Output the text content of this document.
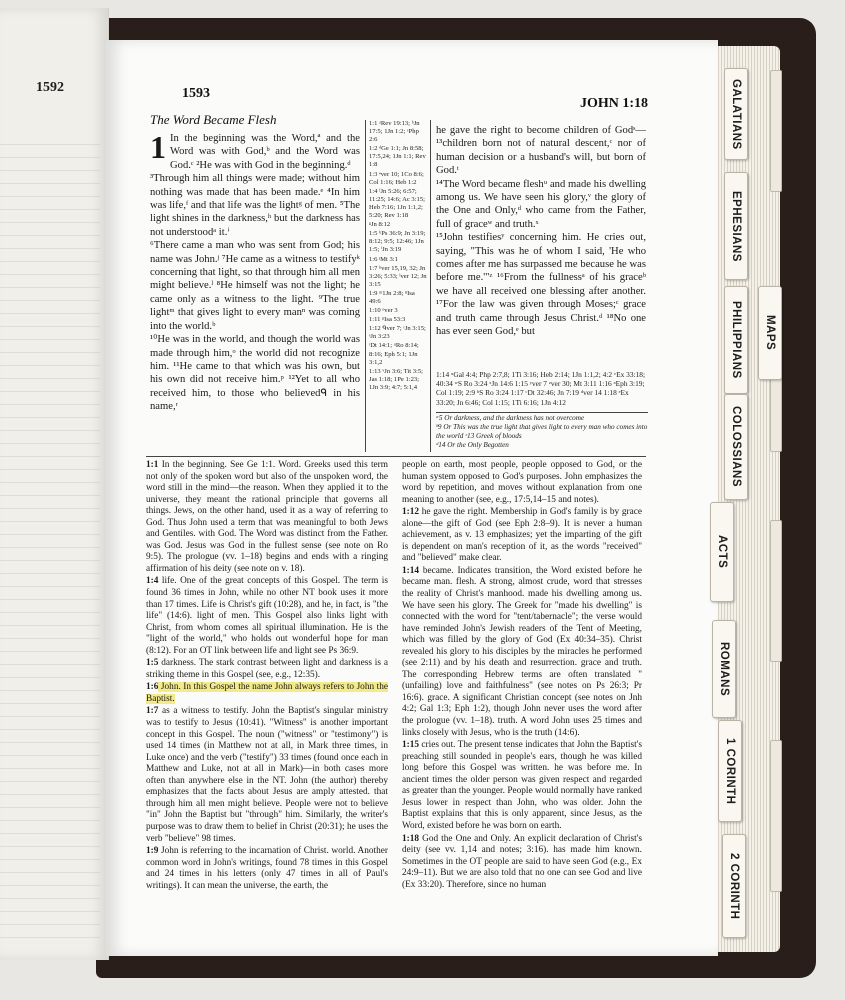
1592	1593
JOHN 1:18
The Word Became Flesh
1 In the beginning was the Word,ª and the Word was with God,ᵇ and the Word was God.ᶜ ²He was with God in the beginning.ᵈ

³Through him all things were made; without him nothing was made that has been made.ᵉ ⁴In him was life,ᶠ and that life was the lightᵍ of men. ⁵The light shines in the darkness,ʰ but the darkness has not understoodᵃ it.ⁱ

⁶There came a man who was sent from God; his name was John.ʲ ⁷He came as a witness to testifyᵏ concerning that light, so that through him all men might believe.ˡ ⁸He himself was not the light; he came only as a witness to the light. ⁹The true lightᵐ that gives light to every manⁿ was coming into the world.ᵇ

¹⁰He was in the world, and though the world was made through him,ᵒ the world did not recognize him. ¹¹He came to that which was his own, but his own did not receive him.ᵖ ¹²Yet to all who received him, to those who believedᑫ in his name,ʳ

1:1 ᵃRev 19:13; ᵇJn 17:5; 1Jn 1:2; ᶜPhp 2:6
1:2 ᵈGe 1:1; Jn 8:58; 17:5,24; 1Jn 1:1; Rev 1:8
1:3 ᵉver 10; 1Co 8:6; Col 1:16; Heb 1:2
1:4 ᶠJn 5:26; 6:57; 11:25; 14:6; Ac 3:15; Heb 7:16; 1Jn 1:1,2; 5:20; Rev 1:18
ᵍJn 8:12
1:5 ʰPs 36:9; Jn 3:19; 8:12; 9:5; 12:46; 1Jn 1:5; ⁱJn 3:19
1:6 ʲMt 3:1
1:7 ᵏver 15,19, 32; Jn 3:26; 5:33; ˡver 12; Jn 3:15
1:9 ᵐ1Jn 2:8; ⁿIsa 49:6
1:10 ᵒver 3
1:11 ᵖIsa 53:3
1:12 ᑫver 7; ʳJn 3:15; ˢJn 3:23
ᵗDt 14:1; ᵘRo 8:14; 8:16; Eph 5:1; 1Jn 3:1,2
1:13 ᵛJn 3:6; Tit 3:5; Jas 1:18; 1Pe 1:23; 1Jn 3:9; 4:7; 5:1,4

he gave the right to become children of Godˢ— ¹³children born not of natural descent,ᶜ nor of human decision or a husband's will, but born of God.ᵗ

¹⁴The Word became fleshᵘ and made his dwelling among us. We have seen his glory,ᵛ the glory of the One and Only,ᵈ who came from the Father, full of graceʷ and truth.ˣ

¹⁵John testifiesʸ concerning him. He cries out, saying, "This was he of whom I said, 'He who comes after me has surpassed me because he was before me.'"ᶻ ¹⁶From the fullnessᵃ of his graceᵇ we have all received one blessing after another. ¹⁷For the law was given through Moses;ᶜ grace and truth came through Jesus Christ.ᵈ ¹⁸No one has ever seen God,ᵉ but

1:14 ᵘGal 4:4; Php 2:7,8; 1Ti 3:16; Heb 2:14; 1Jn 1:1,2; 4:2 ᵛEx 33:18; 40:34 ʷS Ro 3:24 ˣJn 14:6 1:15 ʸver 7 ᶻver 30; Mt 3:11 1:16 ᵃEph 3:19; Col 1:19; 2:9 ᵇS Ro 3:24 1:17 ᶜDt 32:46; Jn 7:19 ᵈver 14 1:18 ᵉEx 33:20; Jn 6:46; Col 1:15; 1Ti 6:16; 1Jn 4:12
ᵃ5 Or darkness, and the darkness has not overcome
ᵇ9 Or This was the true light that gives light to every man who comes into the world ᶜ13 Greek of bloods
ᵈ14 Or the Only Begotten

1:1 In the beginning. See Ge 1:1. Word. Greeks used this term not only of the spoken word but also of the unspoken word, the word still in the mind—the reason. When they applied it to the universe, they meant the rational principle that governs all things. Jews, on the other hand, used it as a way of referring to God. Thus John used a term that was meaningful to both Jews and Gentiles. with God. The Word was distinct from the Father. was God. Jesus was God in the fullest sense (see note on Ro 9:5). The prologue (vv. 1–18) begins and ends with a ringing affirmation of his deity (see note on v. 18).

1:4 life. One of the great concepts of this Gospel. The term is found 36 times in John, while no other NT book uses it more than 17 times. Life is Christ's gift (10:28), and he, in fact, is "the life" (14:6). light of men. This Gospel also links light with Christ, from whom comes all spiritual illumination. He is the "light of the world," who holds out wonderful hope for man (8:12). For an OT link between life and light see Ps 36:9.

1:5 darkness. The stark contrast between light and darkness is a striking theme in this Gospel (see, e.g., 12:35).

1:6 John. In this Gospel the name John always refers to John the Baptist.

1:7 as a witness to testify. John the Baptist's singular ministry was to testify to Jesus (10:41). "Witness" is another important concept in this Gospel. The noun ("witness" or "testimony") is used 14 times (in Matthew not at all, in Mark three times, in Luke once) and the verb ("testify") 33 times (found once each in Matthew and Luke, not at all in Mark)—in both cases more often than anywhere else in the NT. John (the author) thereby emphasizes that the facts about Jesus are amply attested. that through him all men might believe. People were not to believe "in" John the Baptist but "through" him. Similarly, the writer's purpose was to draw them to belief in Christ (20:31); he uses the verb "believe" 98 times.

1:9 John is referring to the incarnation of Christ. world. Another common word in John's writings, found 78 times in this Gospel and 24 times in his letters (only 47 times in all of Paul's writings). It can mean the universe, the earth, the

people on earth, most people, people opposed to God, or the human system opposed to God's purposes. John emphasizes the word by repetition, and moves without explanation from one meaning to another (see, e.g., 17:5,14–15 and notes).

1:12 he gave the right. Membership in God's family is by grace alone—the gift of God (see Eph 2:8–9). It is never a human achievement, as v. 13 emphasizes; yet the imparting of the gift is dependent on man's reception of it, as the words "received" and "believed" make clear.

1:14 became. Indicates transition, the Word existed before he became man. flesh. A strong, almost crude, word that stresses the reality of Christ's manhood. made his dwelling among us. We have seen his glory. The Greek for "made his dwelling" is connected with the word for "tent/tabernacle"; the verse would have reminded John's Jewish readers of the Tent of Meeting, which was filled by the glory of God (Ex 40:34–35). Christ revealed his glory to his disciples by the miracles he performed (see 2:11) and by his death and resurrection. grace and truth. The corresponding Hebrew terms are often translated "(unfailing) love and faithfulness" (see notes on Ps 26:3; Pr 16:6). grace. A significant Christian concept (see notes on Jnh 4:2; Gal 1:3; Eph 1:2), though John never uses the word after the prologue (vv. 1–18). truth. A word John uses 25 times and links closely with Jesus, who is the truth (14:6).

1:15 cries out. The present tense indicates that John the Baptist's preaching still sounded in people's ears, though he was killed long before this Gospel was written. he was before me. In ancient times the older person was given respect and regarded as greater than the younger. People would normally have ranked Jesus lower in respect than John, who was older. John the Baptist explains that this is only apparent, since Jesus, as the Word, existed before he was born on earth.

1:18 God the One and Only. An explicit declaration of Christ's deity (see vv. 1,14 and notes; 3:16). has made him known. Sometimes in the OT people are said to have seen God (e.g., Ex 24:9–11). But we are also told that no one can see God and live (Ex 33:20). Therefore, since no human

GALATIANS
EPHESIANS
PHILIPPIANS MAPS
COLOSSIANS
ACTS
ROMANS
1 CORINTH
2 CORINTH
